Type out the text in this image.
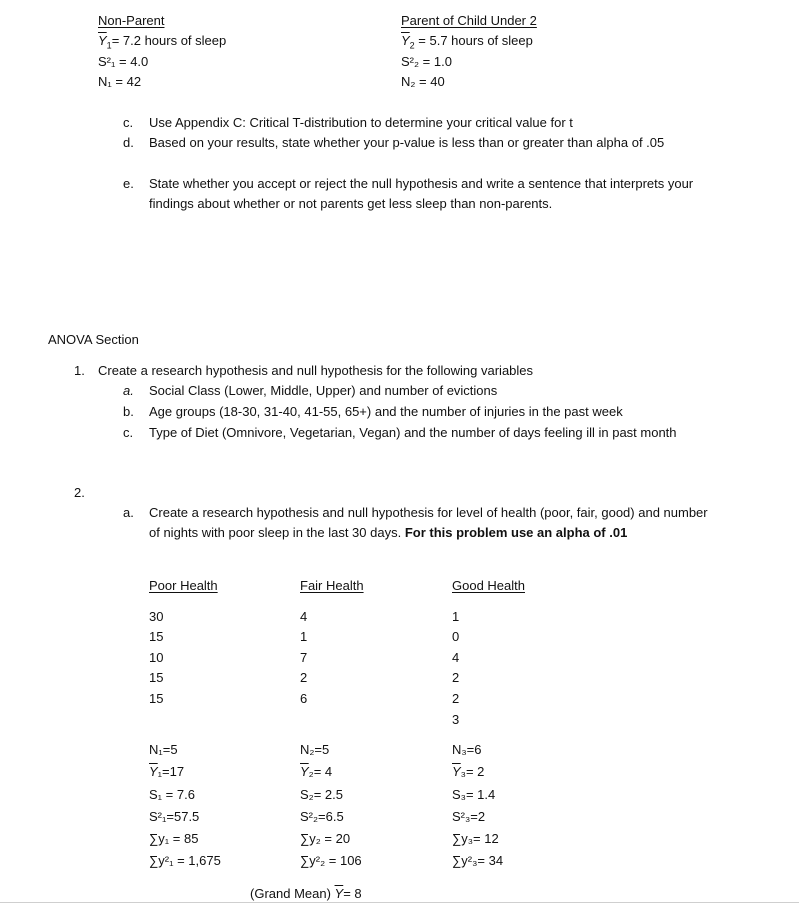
Non-Parent
$\overline{Y}_1= 7.2$ hours of sleep
S²₁ = 4.0
N₁ = 42
Parent of Child Under 2
$\overline{Y}_2 = 5.7$ hours of sleep
S²₂ = 1.0
N₂ = 40
c. Use Appendix C: Critical T-distribution to determine your critical value for t
d. Based on your results, state whether your p-value is less than or greater than alpha of .05
e. State whether you accept or reject the null hypothesis and write a sentence that interprets your findings about whether or not parents get less sleep than non-parents.
ANOVA Section
1. Create a research hypothesis and null hypothesis for the following variables
a. Social Class (Lower, Middle, Upper) and number of evictions
b. Age groups (18-30, 31-40, 41-55, 65+) and the number of injuries in the past week
c. Type of Diet (Omnivore, Vegetarian, Vegan) and the number of days feeling ill in past month
2.
a. Create a research hypothesis and null hypothesis for level of health (poor, fair, good) and number of nights with poor sleep in the last 30 days. For this problem use an alpha of .01
Poor Health
30
15
10
15
15
N₁=5
$\overline{Y}_1=17$
S₁ = 7.6
S²₁=57.5
∑y₁ = 85
∑y²₁ = 1,675
Fair Health
4
1
7
2
6
N₂=5
$\overline{Y}_2= 4$
S₂= 2.5
S²₂=6.5
∑y₂ = 20
∑y²₂ = 106
Good Health
1
0
4
2
2
3
N₃=6
$\overline{Y}_3= 2$
S₃= 1.4
S²₃=2
∑y₃= 12
∑y²₃= 34
(Grand Mean) $\overline{Y}= 8$
